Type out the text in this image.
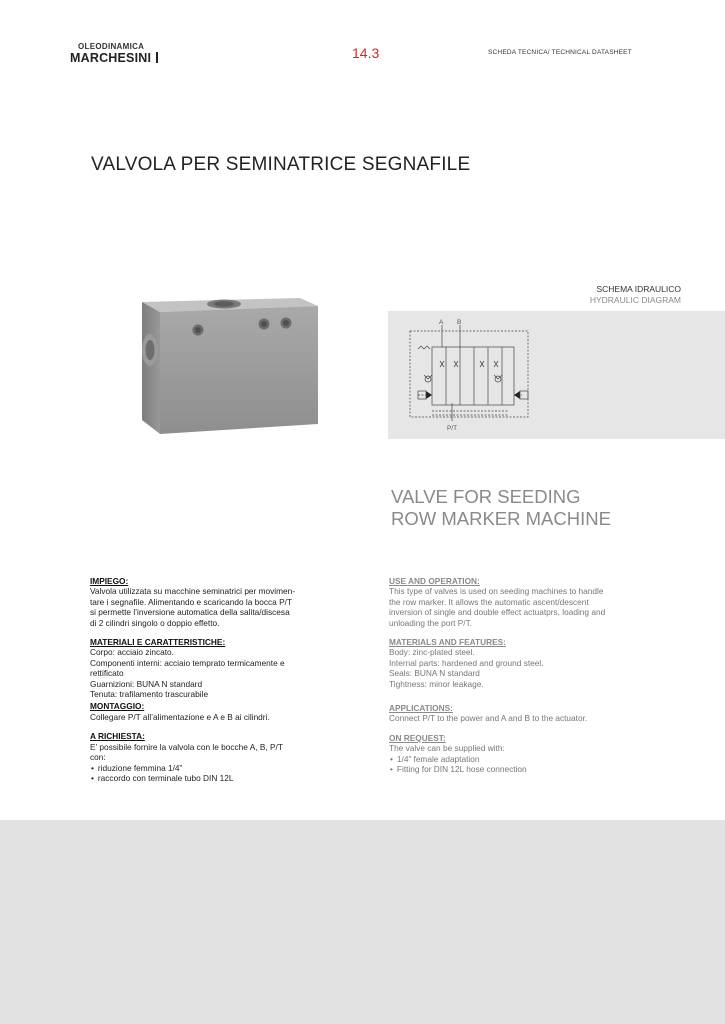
OLEODINAMICA
MARCHESINI	14.3	SCHEDA TECNICA/ TECHNICAL DATASHEET
VALVOLA PER SEMINATRICE SEGNAFILE
SCHEMA IDRAULICO
HYDRAULIC DIAGRAM
A B
P/T
VALVE FOR SEEDING
ROW MARKER MACHINE
IMPIEGO:

Valvola utilizzata su macchine seminatrici per movimen-

tare i segnafile. Alimentando e scaricando la bocca P/T

si permette l’inversione automatica della salita/discesa

di 2 cilindri singolo o doppio effetto.

MATERIALI E CARATTERISTICHE:

Corpo: acciaio zincato.

Componenti interni: acciaio temprato termicamente e

rettificato

Guarnizioni: BUNA N standard

Tenuta: trafilamento trascurabile

MONTAGGIO:

Collegare P/T all’alimentazione e A e B ai cilindri.

A RICHIESTA:

E’ possibile fornire la valvola con le bocche A, B, P/T

con:

• riduzione femmina 1/4”
• raccordo con terminale tubo DIN 12L
USE AND OPERATION:

This type of valves is used on seeding machines to handle

the row marker. It allows the automatic ascent/descent

inversion of single and double effect actuatprs, loading and

unloading the port P/T.

MATERIALS AND FEATURES:

Body: zinc-plated steel.

Internal parts: hardened and ground steel.

Seals: BUNA N standard

Tightness: minor leakage.

APPLICATIONS:

Connect P/T to the power and A and B to the actuator.

ON REQUEST:

The valve can be supplied with:

• 1/4” female adaptation
• Fitting for DIN 12L hose connection
